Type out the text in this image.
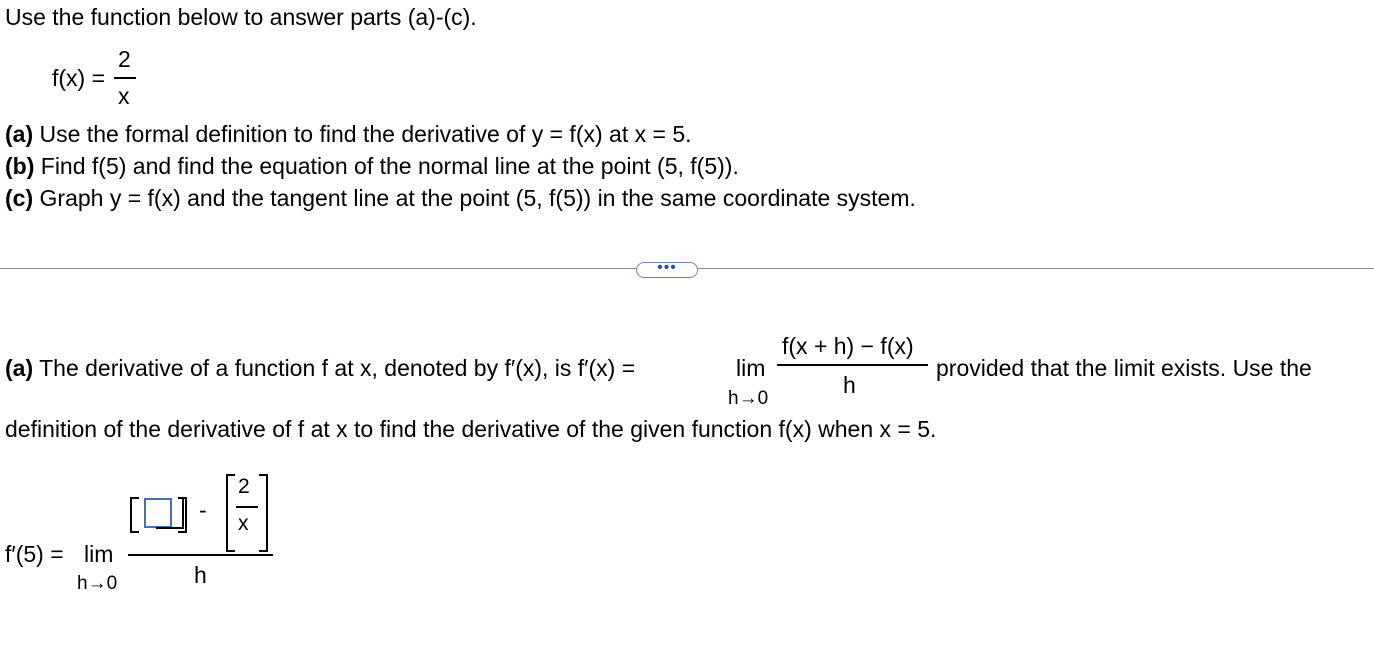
Use the function below to answer parts (a)-(c).
f(x) =
2
x
(a) Use the formal definition to find the derivative of y = f(x) at x = 5.
(b) Find f(5) and find the equation of the normal line at the point (5, f(5)).
(c) Graph y = f(x) and the tangent line at the point (5, f(5)) in the same coordinate system.
•••
(a) The derivative of a function f at x, denoted by f′(x), is f′(x) =	lim
h→0
f(x + h) − f(x)
h
provided that the limit exists. Use the
definition of the derivative of f at x to find the derivative of the given function f(x) when x = 5.
f′(5) = lim
h→0
-
2
x
h
